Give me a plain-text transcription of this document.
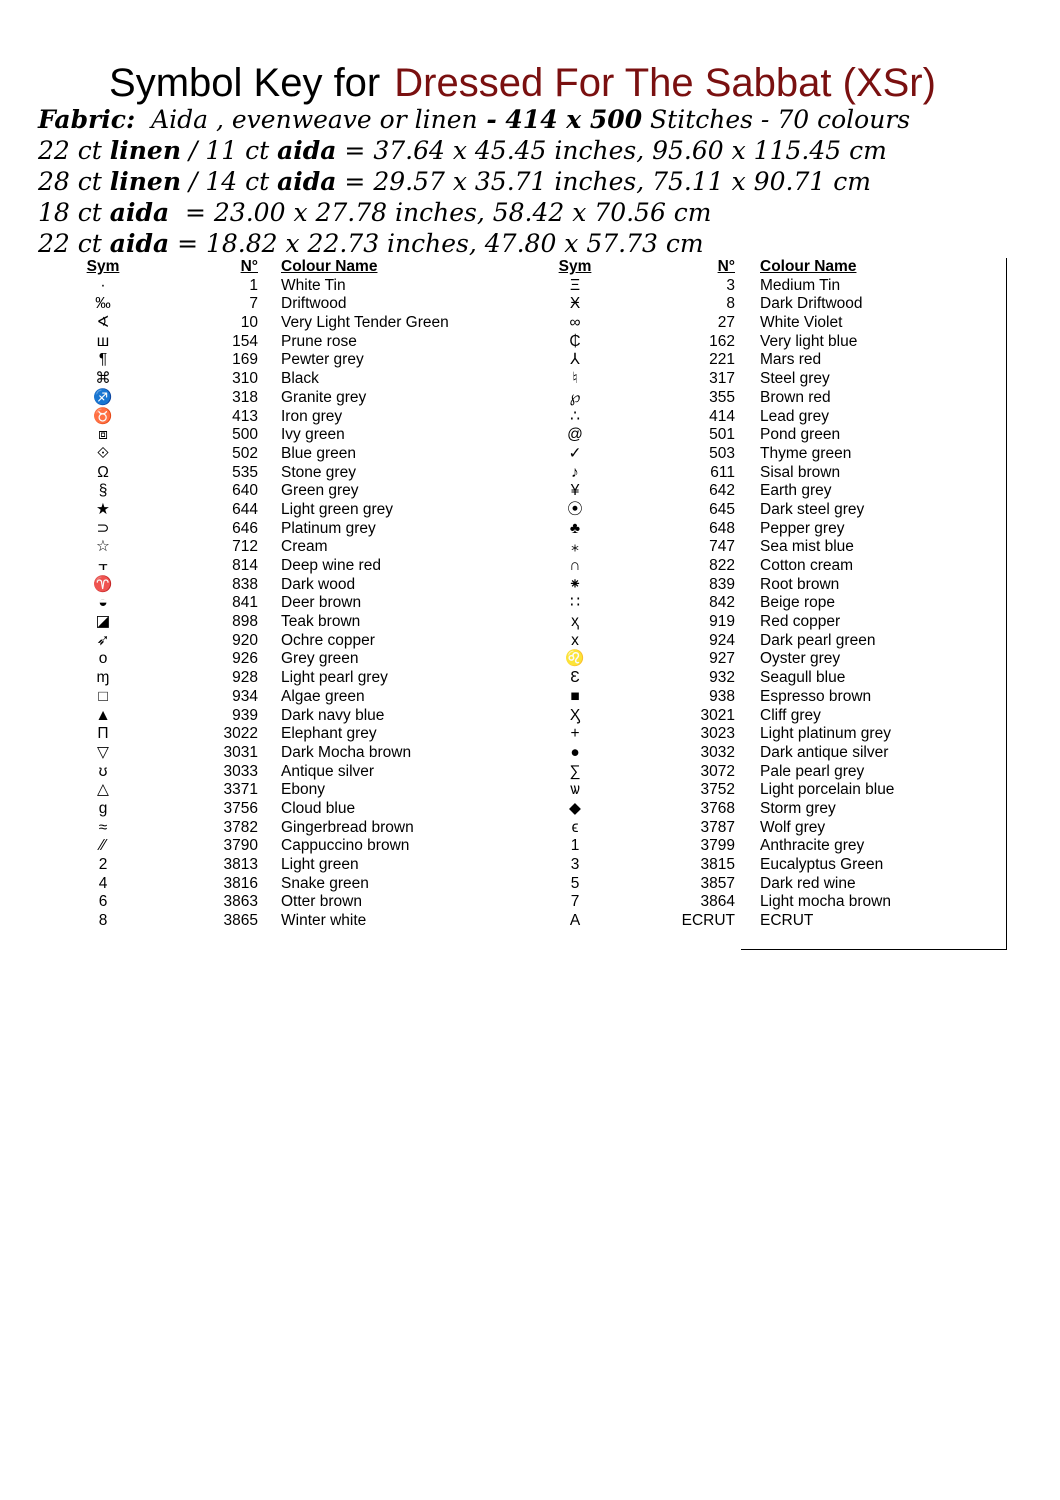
Symbol Key for Dressed For The Sabbat (XSr)
Fabric: Aida , evenweave or linen - 414 x 500 Stitches - 70 colours
22 ct linen / 11 ct aida = 37.64 x 45.45 inches, 95.60 x 115.45 cm
28 ct linen / 14 ct aida = 29.57 x 35.71 inches, 75.11 x 90.71 cm
18 ct aida  = 23.00 x 27.78 inches, 58.42 x 70.56 cm
22 ct aida = 18.82 x 22.73 inches, 47.80 x 57.73 cm
Sym	N° Colour Name	Sym	N° Colour Name
·	1 White Tin	Ξ	3 Medium Tin
‰	7 Driftwood	Ӿ	8 Dark Driftwood
∢	10 Very Light Tender Green	∞	27 White Violet
ш	154 Prune rose	₵	162 Very light blue
¶	169 Pewter grey	⅄	221 Mars red
⌘	310 Black	♮	317 Steel grey
♐	318 Granite grey	℘	355 Brown red
♉	413 Iron grey	∴	414 Lead grey
⧈	500 Ivy green	@	501 Pond green
⟐	502 Blue green	✓	503 Thyme green
Ω	535 Stone grey	♪	611 Sisal brown
§	640 Green grey	¥	642 Earth grey
★	644 Light green grey	⦿	645 Dark steel grey
⊃	646 Platinum grey	♣	648 Pepper grey
☆	712 Cream	⁎	747 Sea mist blue
⫟	814 Deep wine red	∩	822 Cotton cream
♈	838 Dark wood	⁕	839 Root brown
◒	841 Deer brown	∷	842 Beige rope
◪	898 Teak brown	ҳ	919 Red copper
➶	920 Ochre copper	x	924 Dark pearl green
o	926 Grey green	♌	927 Oyster grey
ɱ	928 Light pearl grey	Ɛ	932 Seagull blue
□	934 Algae green	■	938 Espresso brown
▲	939 Dark navy blue	Ӽ	3021 Cliff grey
Π	3022 Elephant grey	+	3023 Light platinum grey
▽	3031 Dark Mocha brown	●	3032 Dark antique silver
ʊ	3033 Antique silver	∑	3072 Pale pearl grey
△	3371 Ebony	ѡ	3752 Light porcelain blue
g	3756 Cloud blue	◆	3768 Storm grey
≈	3782 Gingerbread brown	ϵ	3787 Wolf grey
⁄⁄	3790 Cappuccino brown	1	3799 Anthracite grey
2	3813 Light green	3	3815 Eucalyptus Green
4	3816 Snake green	5	3857 Dark red wine
6	3863 Otter brown	7	3864 Light mocha brown
8	3865 Winter white	A	ECRUT ECRUT
